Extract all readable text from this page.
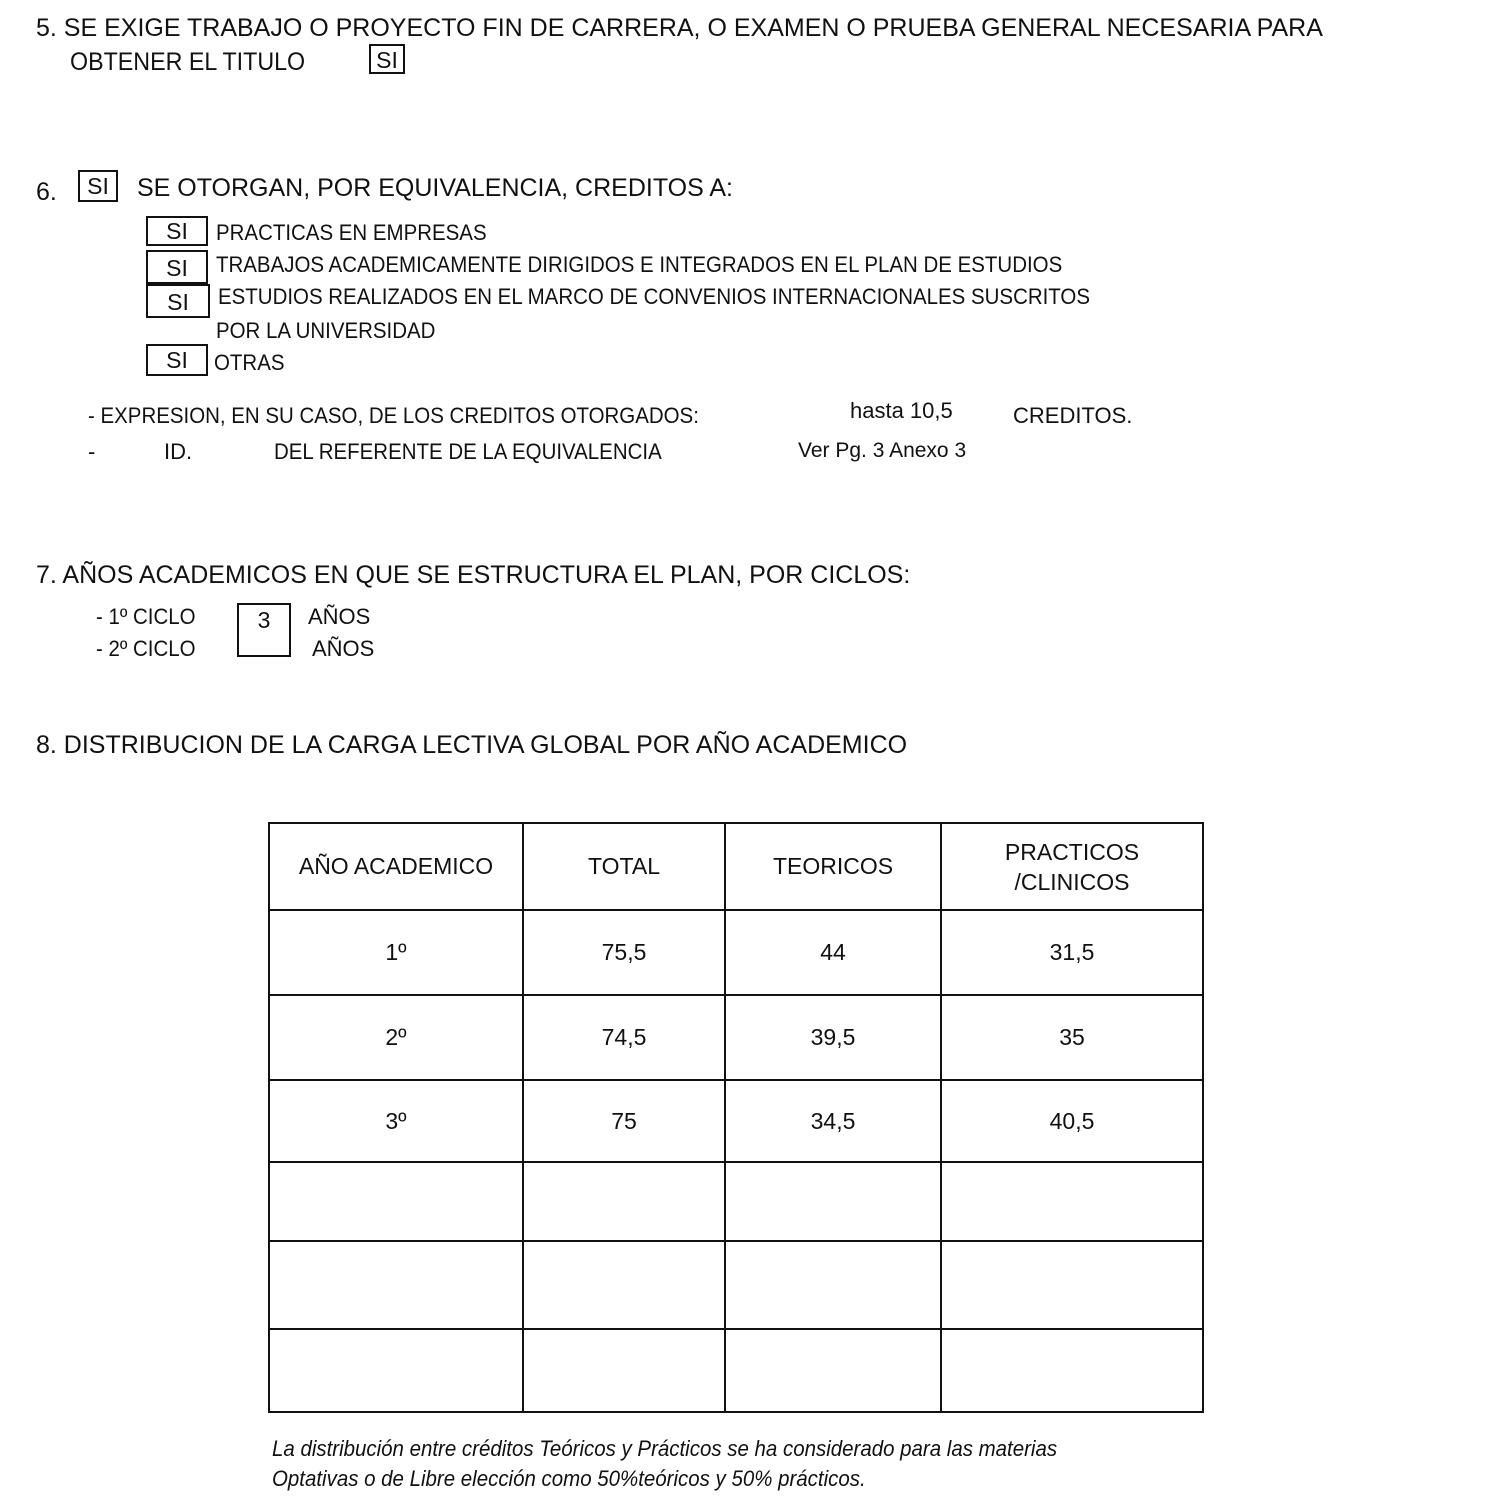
5. SE EXIGE TRABAJO O PROYECTO FIN DE CARRERA, O EXAMEN O PRUEBA GENERAL NECESARIA PARA
OBTENER EL TITULO	SI
6.	SI	SE OTORGAN, POR EQUIVALENCIA, CREDITOS A:
SI	PRACTICAS EN EMPRESAS
SI	TRABAJOS ACADEMICAMENTE DIRIGIDOS E INTEGRADOS EN EL PLAN DE ESTUDIOS
SI	ESTUDIOS REALIZADOS EN EL MARCO DE CONVENIOS INTERNACIONALES SUSCRITOS
POR LA UNIVERSIDAD
SI	OTRAS
- EXPRESION, EN SU CASO, DE LOS CREDITOS OTORGADOS:	hasta 10,5	CREDITOS.
-	ID.	DEL REFERENTE DE LA EQUIVALENCIA	Ver Pg. 3 Anexo 3
7. AÑOS ACADEMICOS EN QUE SE ESTRUCTURA EL PLAN, POR CICLOS:
- 1º CICLO	3	AÑOS
- 2º CICLO	AÑOS
8. DISTRIBUCION DE LA CARGA LECTIVA GLOBAL POR AÑO ACADEMICO
AÑO ACADEMICO	TOTAL	TEORICOS	PRACTICOS
/CLINICOS
1º	75,5	44	31,5
2º	74,5	39,5	35
3º	75	34,5	40,5

La distribución entre créditos Teóricos y Prácticos se ha considerado para las materias
Optativas o de Libre elección como 50%teóricos y 50% prácticos.
